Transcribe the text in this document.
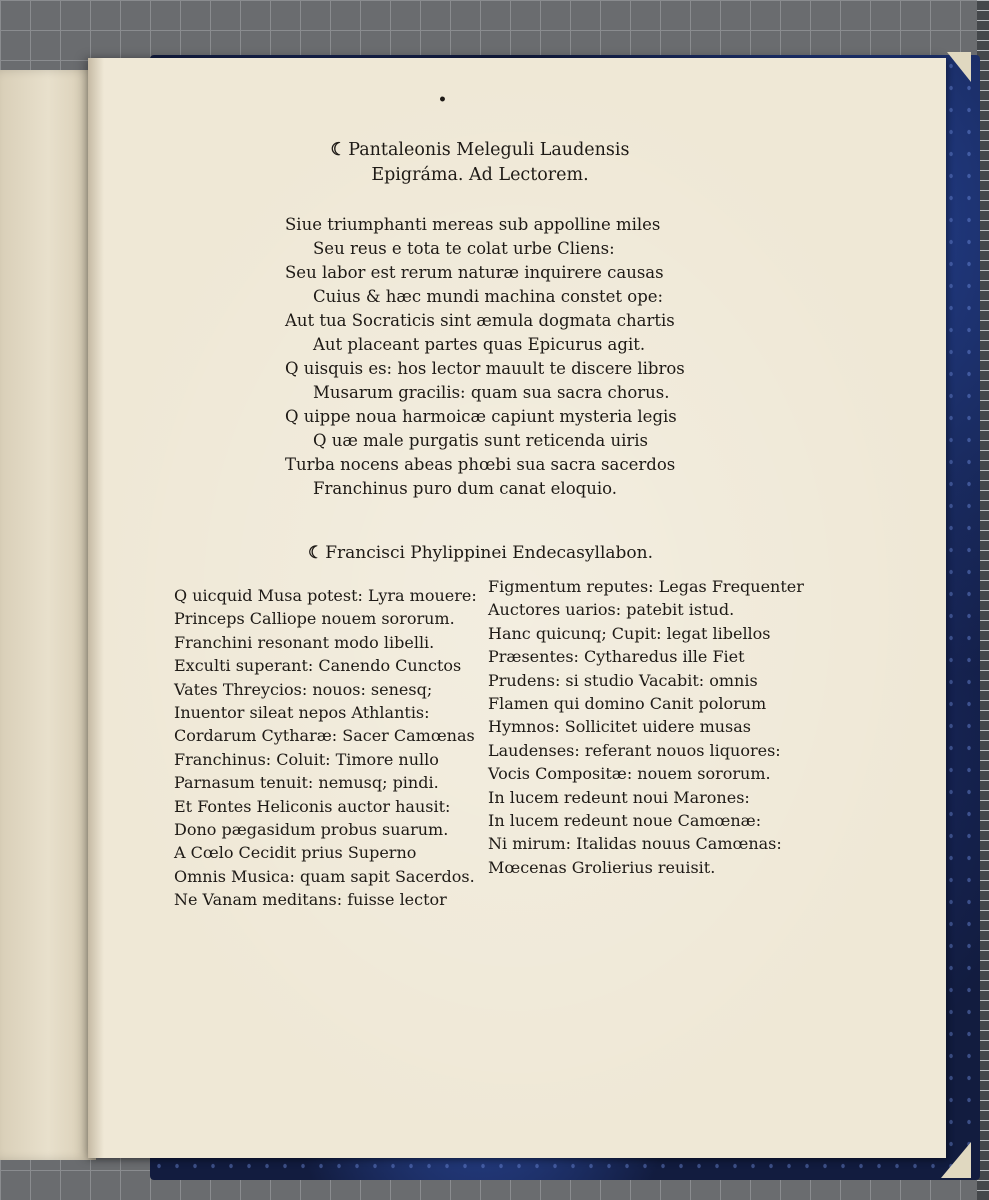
•
☾ Pantaleonis Meleguli Laudensis
Epigráma. Ad Lectorem.
Siue triumphanti mereas sub appolline miles
Seu reus e tota te colat urbe Cliens:
Seu labor est rerum naturæ inquirere causas
Cuius & hæc mundi machina constet ope:
Aut tua Socraticis sint æmula dogmata chartis
Aut placeant partes quas Epicurus agit.
Q uisquis es: hos lector mauult te discere libros
Musarum gracilis: quam sua sacra chorus.
Q uippe noua harmoicæ capiunt mysteria legis
Q uæ male purgatis sunt reticenda uiris
Turba nocens abeas phœbi sua sacra sacerdos
Franchinus puro dum canat eloquio.
☾ Francisci Phylippinei Endecasyllabon.
Q uicquid Musa potest: Lyra mouere:
Princeps Calliope nouem sororum.
Franchini resonant modo libelli.
Exculti superant: Canendo Cunctos
Vates Threycios: nouos: senesq;
Inuentor sileat nepos Athlantis:
Cordarum Cytharæ: Sacer Camœnas
Franchinus: Coluit: Timore nullo
Parnasum tenuit: nemusq; pindi.
Et Fontes Heliconis auctor hausit:
Dono pægasidum probus suarum.
A Cœlo Cecidit prius Superno
Omnis Musica: quam sapit Sacerdos.
Ne Vanam meditans: fuisse lector
Figmentum reputes: Legas Frequenter
Auctores uarios: patebit istud.
Hanc quicunq; Cupit: legat libellos
Præsentes: Cytharedus ille Fiet
Prudens: si studio Vacabit: omnis
Flamen qui domino Canit polorum
Hymnos: Sollicitet uidere musas
Laudenses: referant nouos liquores:
Vocis Compositæ: nouem sororum.
In lucem redeunt noui Marones:
In lucem redeunt noue Camœnæ:
Ni mirum: Italidas nouus Camœnas:
Mœcenas Grolierius reuisit.
